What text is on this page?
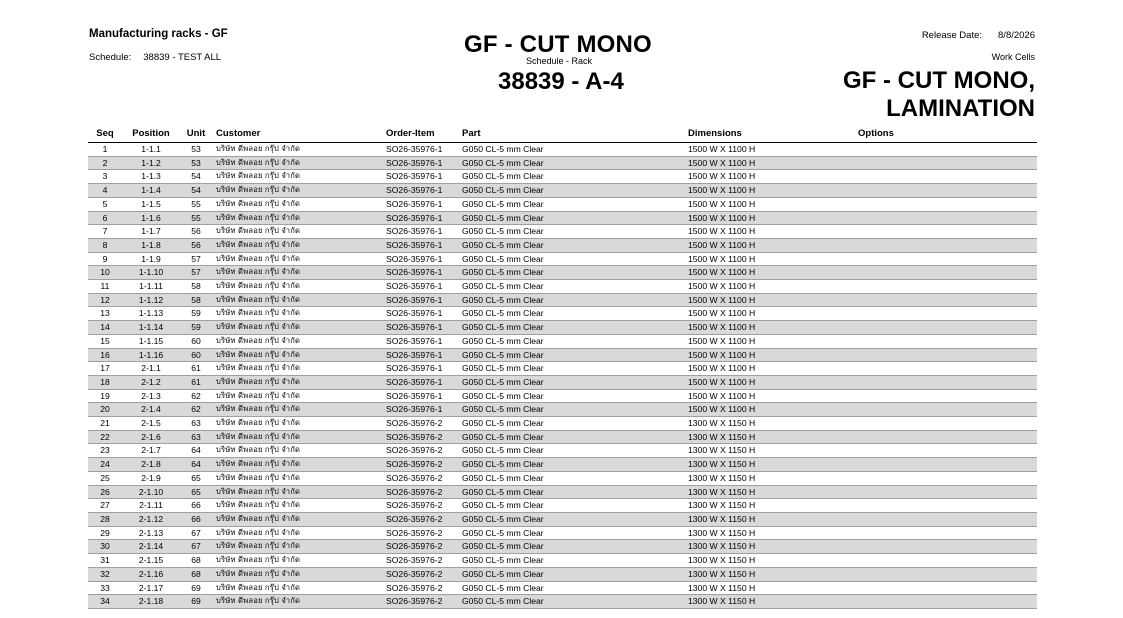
Manufacturing racks - GF
Schedule: 38839 - TEST ALL	GF - CUT MONO
Schedule - Rack
38839 - A-4
Release Date: 8/8/2026
Work Cells
GF - CUT MONO, LAMINATION
Seq	Position	Unit	Customer	Order-Item	Part	Dimensions	Options
1	1-1.1	53	บริษัท ดีพลอย กรุ๊ป จำกัด	SO26-35976-1	G050 CL-5 mm Clear	1500 W X 1100 H	
2	1-1.2	53	บริษัท ดีพลอย กรุ๊ป จำกัด	SO26-35976-1	G050 CL-5 mm Clear	1500 W X 1100 H	
3	1-1.3	54	บริษัท ดีพลอย กรุ๊ป จำกัด	SO26-35976-1	G050 CL-5 mm Clear	1500 W X 1100 H	
4	1-1.4	54	บริษัท ดีพลอย กรุ๊ป จำกัด	SO26-35976-1	G050 CL-5 mm Clear	1500 W X 1100 H	
5	1-1.5	55	บริษัท ดีพลอย กรุ๊ป จำกัด	SO26-35976-1	G050 CL-5 mm Clear	1500 W X 1100 H	
6	1-1.6	55	บริษัท ดีพลอย กรุ๊ป จำกัด	SO26-35976-1	G050 CL-5 mm Clear	1500 W X 1100 H	
7	1-1.7	56	บริษัท ดีพลอย กรุ๊ป จำกัด	SO26-35976-1	G050 CL-5 mm Clear	1500 W X 1100 H	
8	1-1.8	56	บริษัท ดีพลอย กรุ๊ป จำกัด	SO26-35976-1	G050 CL-5 mm Clear	1500 W X 1100 H	
9	1-1.9	57	บริษัท ดีพลอย กรุ๊ป จำกัด	SO26-35976-1	G050 CL-5 mm Clear	1500 W X 1100 H	
10	1-1.10	57	บริษัท ดีพลอย กรุ๊ป จำกัด	SO26-35976-1	G050 CL-5 mm Clear	1500 W X 1100 H	
11	1-1.11	58	บริษัท ดีพลอย กรุ๊ป จำกัด	SO26-35976-1	G050 CL-5 mm Clear	1500 W X 1100 H	
12	1-1.12	58	บริษัท ดีพลอย กรุ๊ป จำกัด	SO26-35976-1	G050 CL-5 mm Clear	1500 W X 1100 H	
13	1-1.13	59	บริษัท ดีพลอย กรุ๊ป จำกัด	SO26-35976-1	G050 CL-5 mm Clear	1500 W X 1100 H	
14	1-1.14	59	บริษัท ดีพลอย กรุ๊ป จำกัด	SO26-35976-1	G050 CL-5 mm Clear	1500 W X 1100 H	
15	1-1.15	60	บริษัท ดีพลอย กรุ๊ป จำกัด	SO26-35976-1	G050 CL-5 mm Clear	1500 W X 1100 H	
16	1-1.16	60	บริษัท ดีพลอย กรุ๊ป จำกัด	SO26-35976-1	G050 CL-5 mm Clear	1500 W X 1100 H	
17	2-1.1	61	บริษัท ดีพลอย กรุ๊ป จำกัด	SO26-35976-1	G050 CL-5 mm Clear	1500 W X 1100 H	
18	2-1.2	61	บริษัท ดีพลอย กรุ๊ป จำกัด	SO26-35976-1	G050 CL-5 mm Clear	1500 W X 1100 H	
19	2-1.3	62	บริษัท ดีพลอย กรุ๊ป จำกัด	SO26-35976-1	G050 CL-5 mm Clear	1500 W X 1100 H	
20	2-1.4	62	บริษัท ดีพลอย กรุ๊ป จำกัด	SO26-35976-1	G050 CL-5 mm Clear	1500 W X 1100 H	
21	2-1.5	63	บริษัท ดีพลอย กรุ๊ป จำกัด	SO26-35976-2	G050 CL-5 mm Clear	1300 W X 1150 H	
22	2-1.6	63	บริษัท ดีพลอย กรุ๊ป จำกัด	SO26-35976-2	G050 CL-5 mm Clear	1300 W X 1150 H	
23	2-1.7	64	บริษัท ดีพลอย กรุ๊ป จำกัด	SO26-35976-2	G050 CL-5 mm Clear	1300 W X 1150 H	
24	2-1.8	64	บริษัท ดีพลอย กรุ๊ป จำกัด	SO26-35976-2	G050 CL-5 mm Clear	1300 W X 1150 H	
25	2-1.9	65	บริษัท ดีพลอย กรุ๊ป จำกัด	SO26-35976-2	G050 CL-5 mm Clear	1300 W X 1150 H	
26	2-1.10	65	บริษัท ดีพลอย กรุ๊ป จำกัด	SO26-35976-2	G050 CL-5 mm Clear	1300 W X 1150 H	
27	2-1.11	66	บริษัท ดีพลอย กรุ๊ป จำกัด	SO26-35976-2	G050 CL-5 mm Clear	1300 W X 1150 H	
28	2-1.12	66	บริษัท ดีพลอย กรุ๊ป จำกัด	SO26-35976-2	G050 CL-5 mm Clear	1300 W X 1150 H	
29	2-1.13	67	บริษัท ดีพลอย กรุ๊ป จำกัด	SO26-35976-2	G050 CL-5 mm Clear	1300 W X 1150 H	
30	2-1.14	67	บริษัท ดีพลอย กรุ๊ป จำกัด	SO26-35976-2	G050 CL-5 mm Clear	1300 W X 1150 H	
31	2-1.15	68	บริษัท ดีพลอย กรุ๊ป จำกัด	SO26-35976-2	G050 CL-5 mm Clear	1300 W X 1150 H	
32	2-1.16	68	บริษัท ดีพลอย กรุ๊ป จำกัด	SO26-35976-2	G050 CL-5 mm Clear	1300 W X 1150 H	
33	2-1.17	69	บริษัท ดีพลอย กรุ๊ป จำกัด	SO26-35976-2	G050 CL-5 mm Clear	1300 W X 1150 H	
34	2-1.18	69	บริษัท ดีพลอย กรุ๊ป จำกัด	SO26-35976-2	G050 CL-5 mm Clear	1300 W X 1150 H	
